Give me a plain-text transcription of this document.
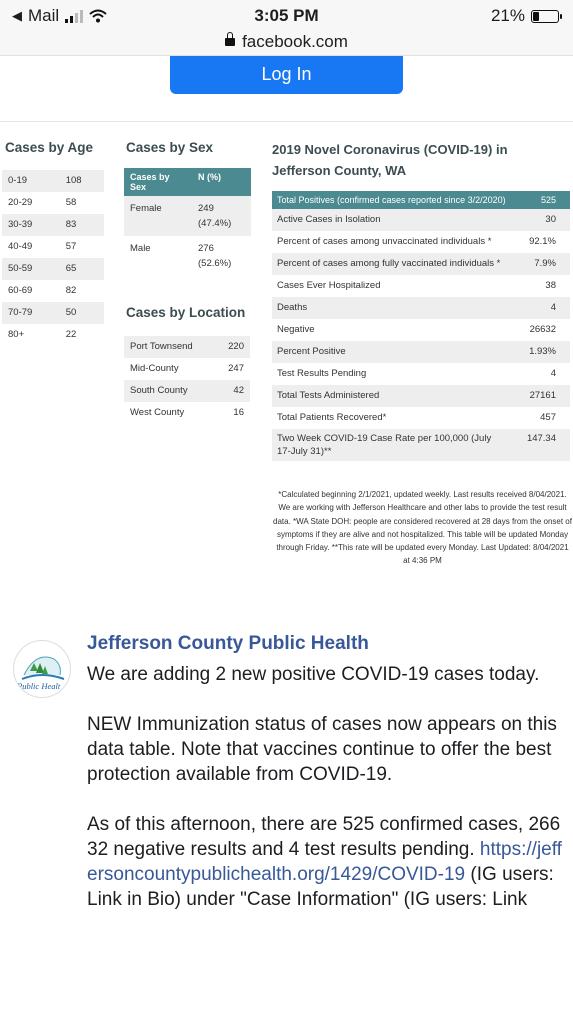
◀ Mail	3:05 PM	21%
facebook.com
Log In
Cases by Age
0-19	108
20-29	58
30-39	83
40-49	57
50-59	65
60-69	82
70-79	50
80+	22
Cases by Sex
Cases by Sex	N (%)
Female	249
(47.4%)
Male	276
(52.6%)
Cases by Location
Port Townsend	220
Mid-County	247
South County	42
West County	16
2019 Novel Coronavirus (COVID-19) in
Jefferson County, WA
Total Positives (confirmed cases reported since 3/2/2020)	525
Active Cases in Isolation	30
Percent of cases among unvaccinated individuals *	92.1%
Percent of cases among fully vaccinated individuals *	7.9%
Cases Ever Hospitalized	38
Deaths	4
Negative	26632
Percent Positive	1.93%
Test Results Pending	4
Total Tests Administered	27161
Total Patients Recovered*	457
Two Week COVID-19 Case Rate per 100,000 (July 17-July 31)**	147.34
*Calculated beginning 2/1/2021, updated weekly. Last results received 8/04/2021. We are working with Jefferson Healthcare and other labs to provide the test result data. *WA State DOH: people are considered recovered at 28 days from the onset of symptoms if they are alive and not hospitalized. This table will be updated Monday through Friday. **This rate will be updated every Monday. Last Updated: 8/04/2021 at 4:36 PM
Public Healt
Jefferson County Public Health

We are adding 2 new positive COVID-19 cases today.

NEW Immunization status of cases now appears on this data table. Note that vaccines continue to offer the best protection available from COVID-19.

As of this afternoon, there are 525 confirmed cases, 26632 negative results and 4 test results pending. https://jeffersoncountypublichealth.org/1429/COVID-19 (IG users: Link in Bio) under "Case Information" (IG users: Link
